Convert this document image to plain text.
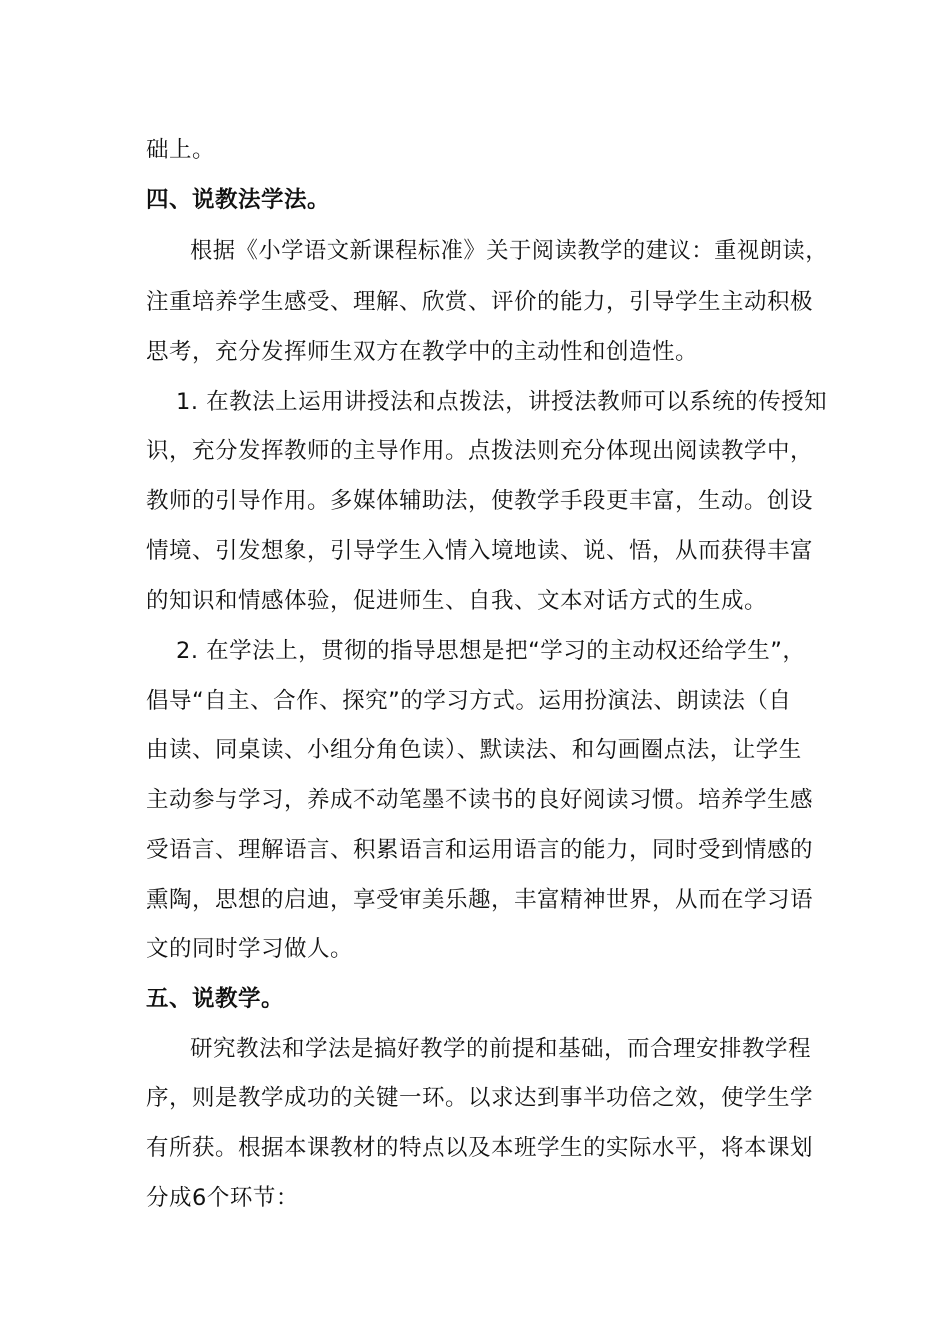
础上。
四、说教法学法。
根据《小学语文新课程标准》关于阅读教学的建议：重视朗读，
注重培养学生感受、理解、欣赏、评价的能力，引导学生主动积极
思考，充分发挥师生双方在教学中的主动性和创造性。
1. 在教法上运用讲授法和点拨法，讲授法教师可以系统的传授知
识，充分发挥教师的主导作用。点拨法则充分体现出阅读教学中，
教师的引导作用。多媒体辅助法，使教学手段更丰富，生动。创设
情境、引发想象，引导学生入情入境地读、说、悟，从而获得丰富
的知识和情感体验，促进师生、自我、文本对话方式的生成。
2. 在学法上，贯彻的指导思想是把“学习的主动权还给学生”，
倡导“自主、合作、探究”的学习方式。运用扮演法、朗读法（自
由读、同桌读、小组分角色读）、默读法、和勾画圈点法，让学生
主动参与学习，养成不动笔墨不读书的良好阅读习惯。培养学生感
受语言、理解语言、积累语言和运用语言的能力，同时受到情感的
熏陶，思想的启迪，享受审美乐趣，丰富精神世界，从而在学习语
文的同时学习做人。
五、说教学。
研究教法和学法是搞好教学的前提和基础，而合理安排教学程
序，则是教学成功的关键一环。以求达到事半功倍之效，使学生学
有所获。根据本课教材的特点以及本班学生的实际水平，将本课划
分成6个环节：
